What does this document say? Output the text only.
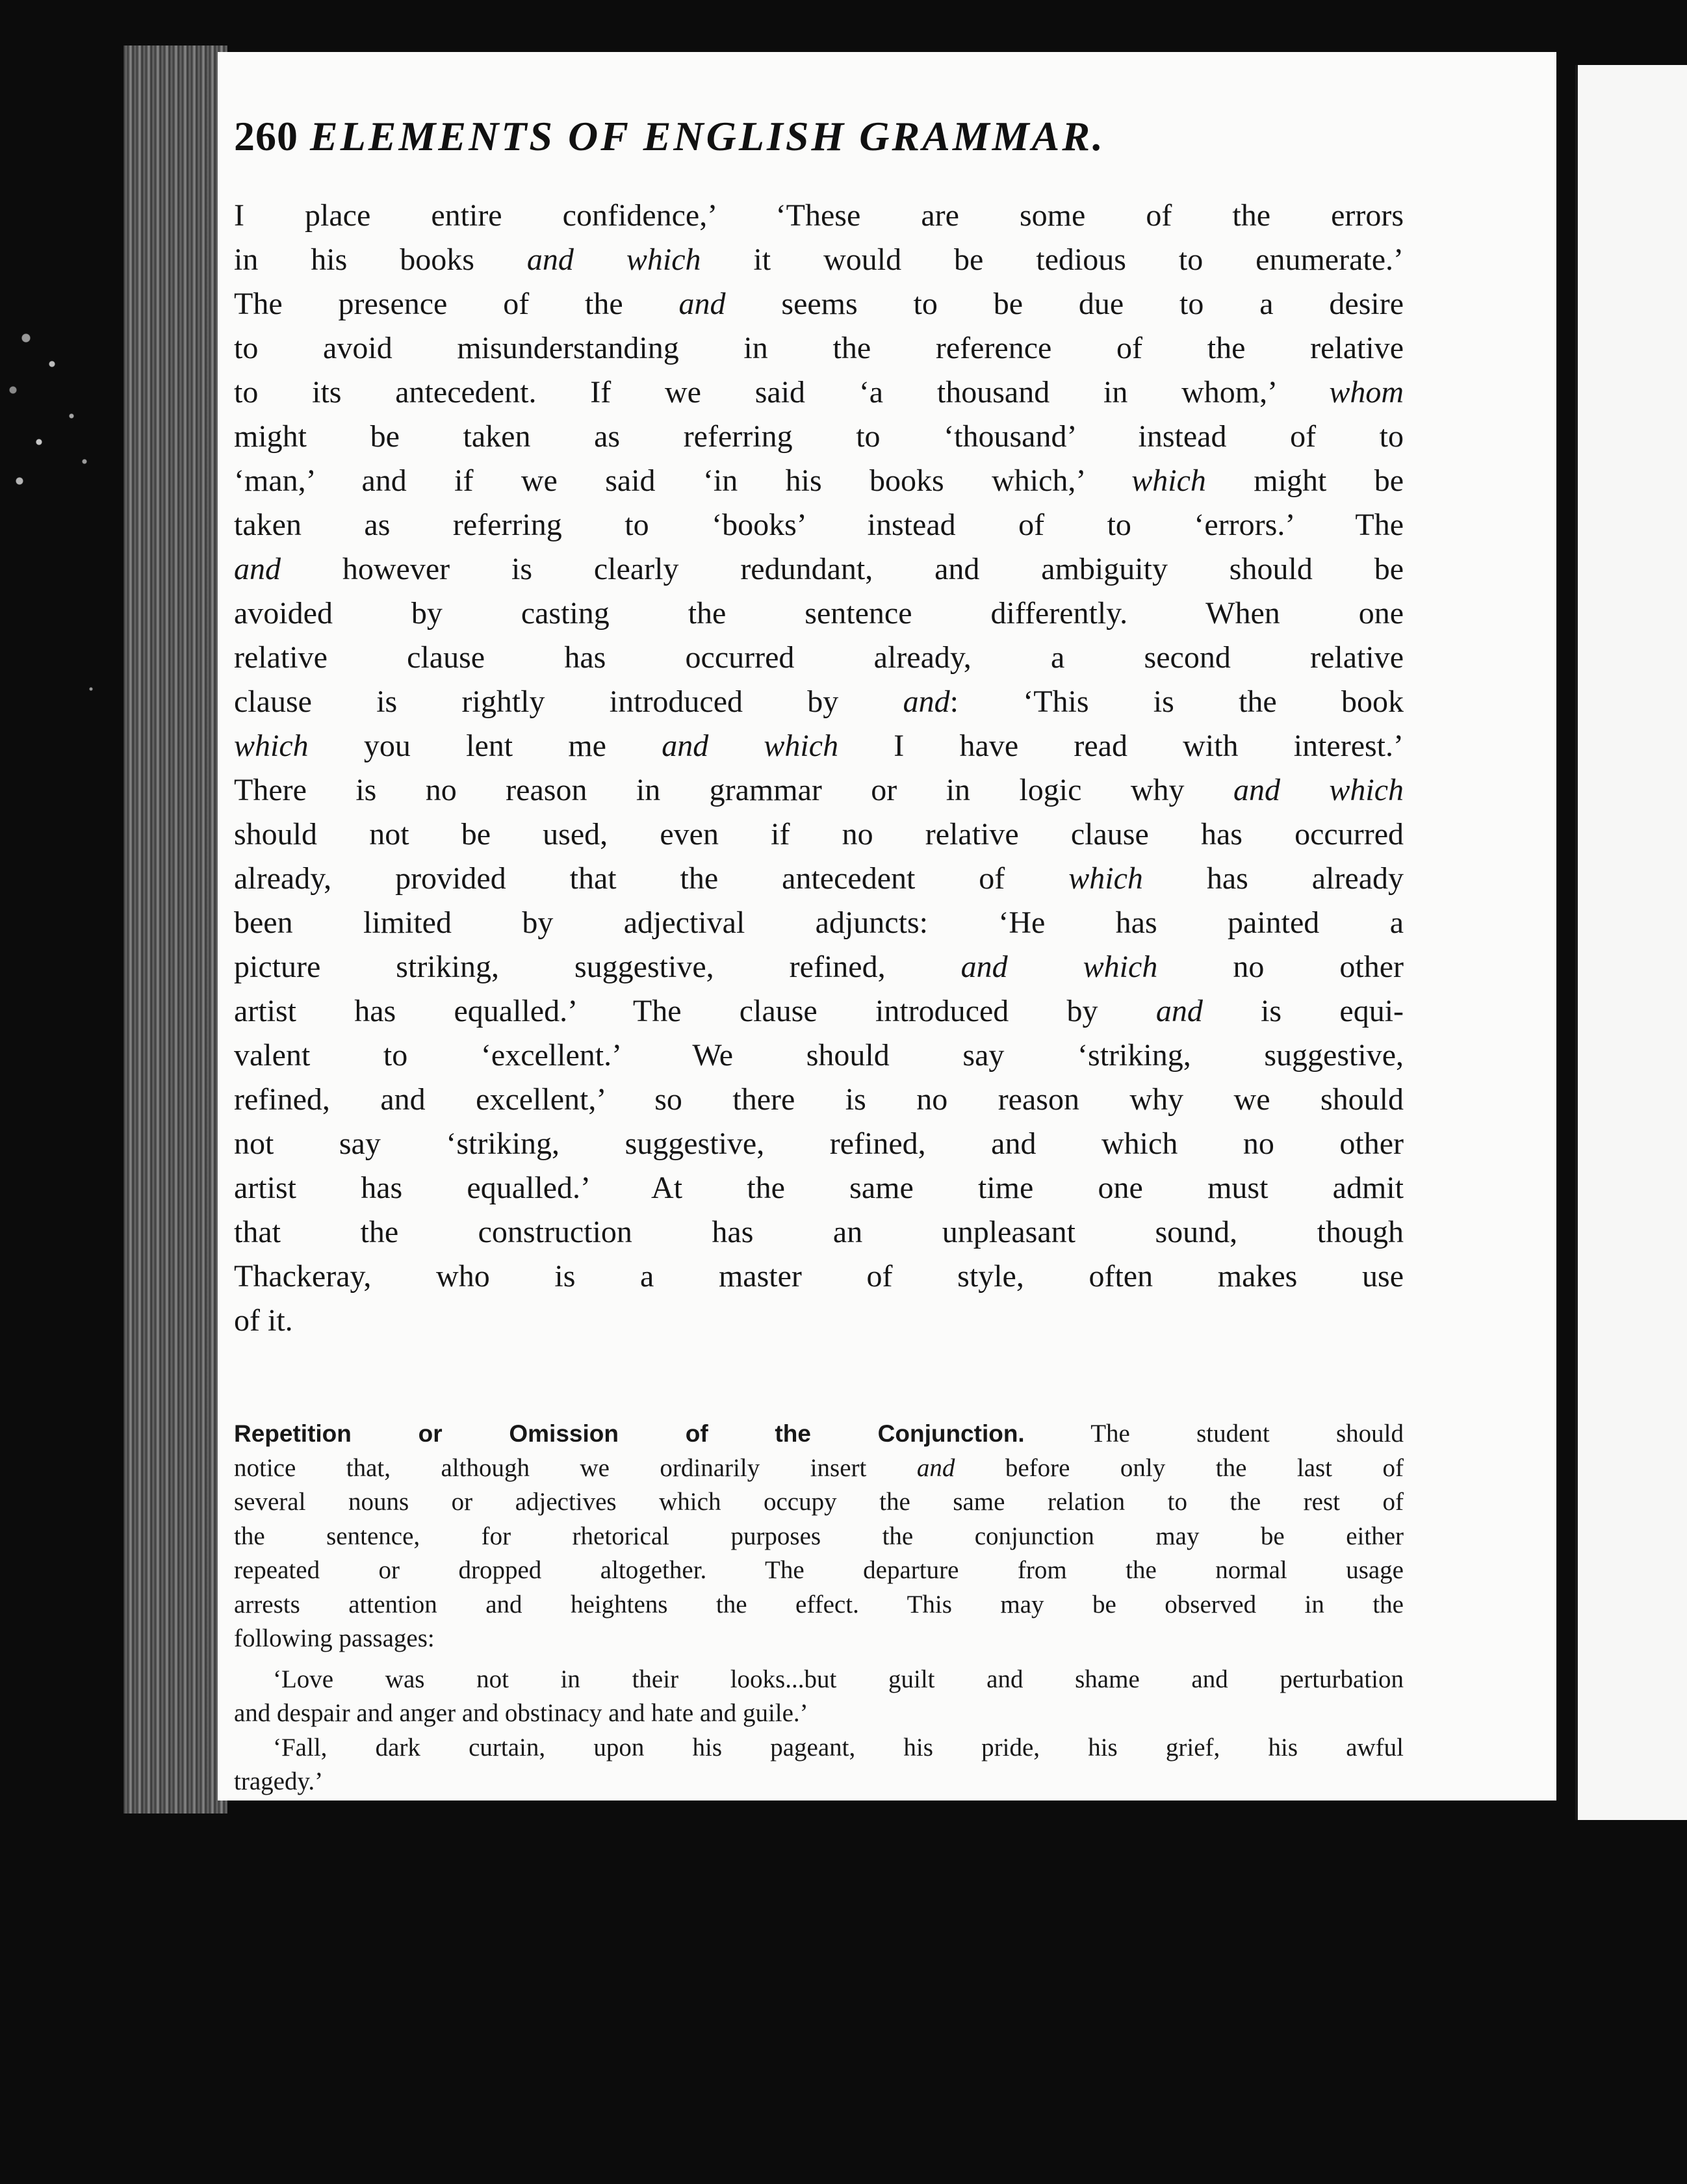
260 ELEMENTS OF ENGLISH GRAMMAR.
I place entire confidence,’ ‘These are some of the errors
in his books and which it would be tedious to enumerate.’
The presence of the and seems to be due to a desire
to avoid misunderstanding in the reference of the relative
to its antecedent. If we said ‘a thousand in whom,’ whom
might be taken as referring to ‘thousand’ instead of to
‘man,’ and if we said ‘in his books which,’ which might be
taken as referring to ‘books’ instead of to ‘errors.’ The
and however is clearly redundant, and ambiguity should be
avoided by casting the sentence differently. When one
relative clause has occurred already, a second relative
clause is rightly introduced by and: ‘This is the book
which you lent me and which I have read with interest.’
There is no reason in grammar or in logic why and which
should not be used, even if no relative clause has occurred
already, provided that the antecedent of which has already
been limited by adjectival adjuncts: ‘He has painted a
picture striking, suggestive, refined, and which no other
artist has equalled.’ The clause introduced by and is equi-
valent to ‘excellent.’ We should say ‘striking, suggestive,
refined, and excellent,’ so there is no reason why we should
not say ‘striking, suggestive, refined, and which no other
artist has equalled.’ At the same time one must admit
that the construction has an unpleasant sound, though
Thackeray, who is a master of style, often makes use
of it.
Repetition or Omission of the Conjunction. The student should
notice that, although we ordinarily insert and before only the last of
several nouns or adjectives which occupy the same relation to the rest of
the sentence, for rhetorical purposes the conjunction may be either
repeated or dropped altogether. The departure from the normal usage
arrests attention and heightens the effect. This may be observed in the
following passages:
‘Love was not in their looks...but guilt and shame and perturbation
and despair and anger and obstinacy and hate and guile.’
‘Fall, dark curtain, upon his pageant, his pride, his grief, his awful
tragedy.’
